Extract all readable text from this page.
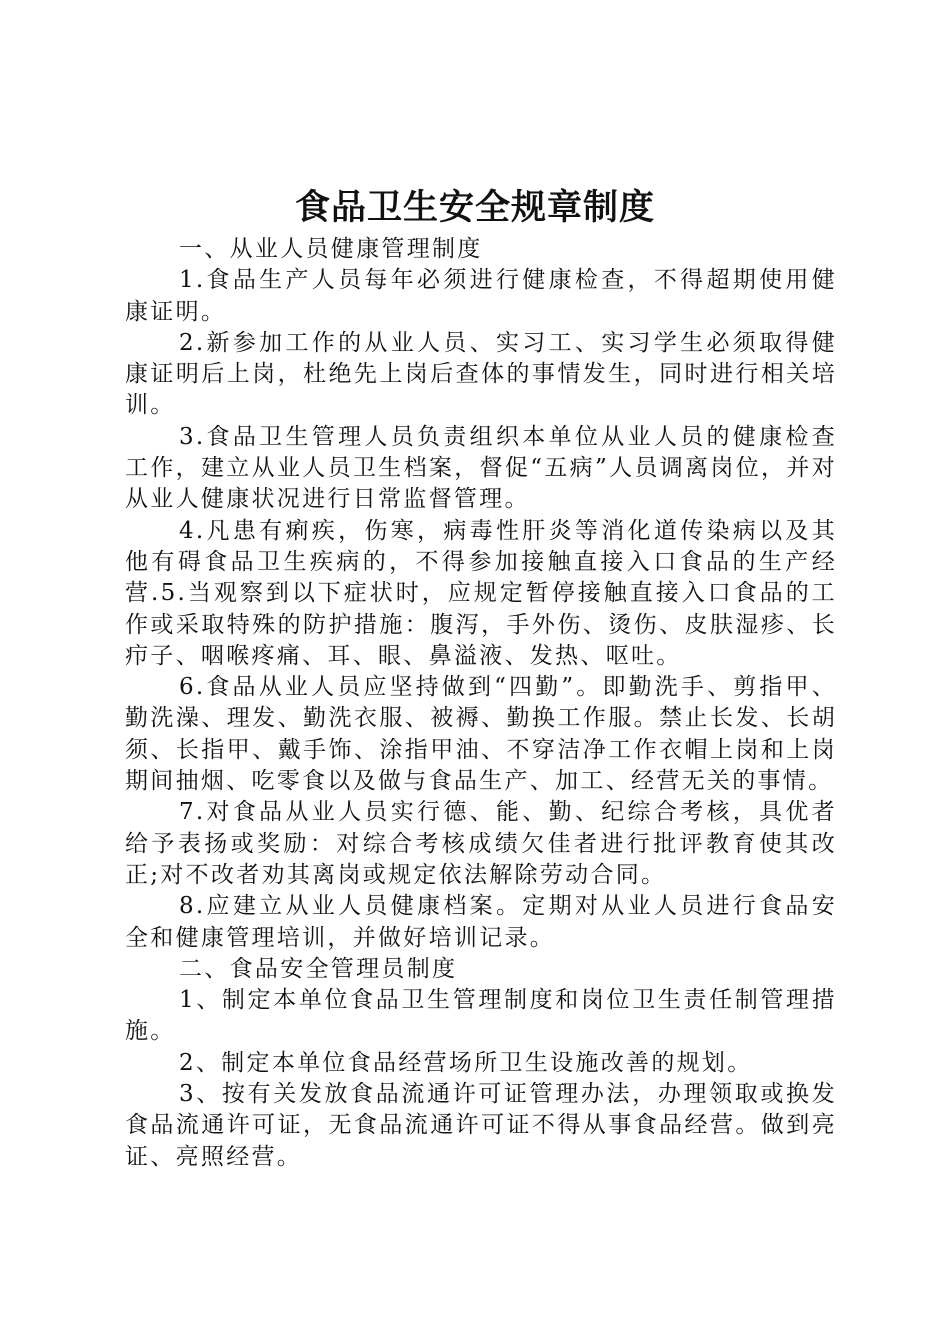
食品卫生安全规章制度

一、从业人员健康管理制度

1.食品生产人员每年必须进行健康检查，不得超期使用健康证明。

2.新参加工作的从业人员、实习工、实习学生必须取得健康证明后上岗，杜绝先上岗后查体的事情发生，同时进行相关培训。

3.食品卫生管理人员负责组织本单位从业人员的健康检查工作，建立从业人员卫生档案，督促“五病”人员调离岗位，并对从业人健康状况进行日常监督管理。

4.凡患有痢疾，伤寒，病毒性肝炎等消化道传染病以及其他有碍食品卫生疾病的，不得参加接触直接入口食品的生产经营.5.当观察到以下症状时，应规定暂停接触直接入口食品的工作或采取特殊的防护措施：腹泻，手外伤、烫伤、皮肤湿疹、长疖子、咽喉疼痛、耳、眼、鼻溢液、发热、呕吐。

6.食品从业人员应坚持做到“四勤”。即勤洗手、剪指甲、勤洗澡、理发、勤洗衣服、被褥、勤换工作服。禁止长发、长胡须、长指甲、戴手饰、涂指甲油、不穿洁净工作衣帽上岗和上岗期间抽烟、吃零食以及做与食品生产、加工、经营无关的事情。

7.对食品从业人员实行德、能、勤、纪综合考核，具优者给予表扬或奖励：对综合考核成绩欠佳者进行批评教育使其改正;对不改者劝其离岗或规定依法解除劳动合同。

8.应建立从业人员健康档案。定期对从业人员进行食品安全和健康管理培训，并做好培训记录。

二、食品安全管理员制度

1、制定本单位食品卫生管理制度和岗位卫生责任制管理措施。

2、制定本单位食品经营场所卫生设施改善的规划。

3、按有关发放食品流通许可证管理办法，办理领取或换发食品流通许可证，无食品流通许可证不得从事食品经营。做到亮证、亮照经营。
